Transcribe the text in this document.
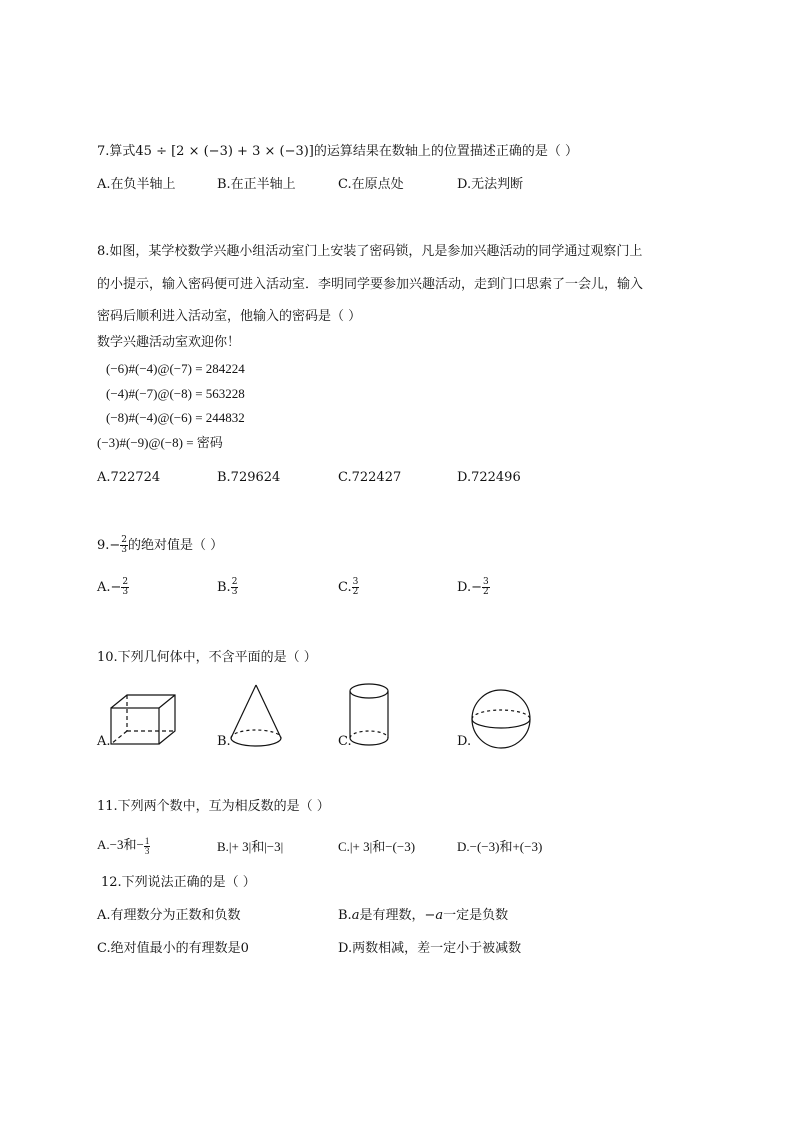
7.算式45 ÷ [2 × (−3) + 3 × (−3)]的运算结果在数轴上的位置描述正确的是（ ）
A.在负半轴上	B.在正半轴上	C.在原点处	D.无法判断
8.如图，某学校数学兴趣小组活动室门上安装了密码锁，凡是参加兴趣活动的同学通过观察门上
的小提示，输入密码便可进入活动室．李明同学要参加兴趣活动，走到门口思索了一会儿，输入
密码后顺利进入活动室，他输入的密码是（ ）
数学兴趣活动室欢迎你！
(−6)#(−4)@(−7) = 284224
(−4)#(−7)@(−8) = 563228
(−8)#(−4)@(−6) = 244832
(−3)#(−9)@(−8) = 密码
A.722724	B.729624	C.722427	D.722496
$9.- \frac{2}{3}$ 的绝对值是（ ）
$A.- \frac{2}{3}$	B. $\frac{2}{3}$	C. $\frac{3}{2}$	$D.- \frac{3}{2}$
10.下列几何体中，不含平面的是（ ）
A.	B.	C.	D.
11.下列两个数中，互为相反数的是（ ）
A.−3和− $\frac{1}{3}$	B.|+ 3|和|−3|	C.|+ 3|和−(−3)	D.−(−3)和+(−3)
12.下列说法正确的是（ ）
A.有理数分为正数和负数	B.a是有理数，−a一定是负数
C.绝对值最小的有理数是0	D.两数相减，差一定小于被减数
